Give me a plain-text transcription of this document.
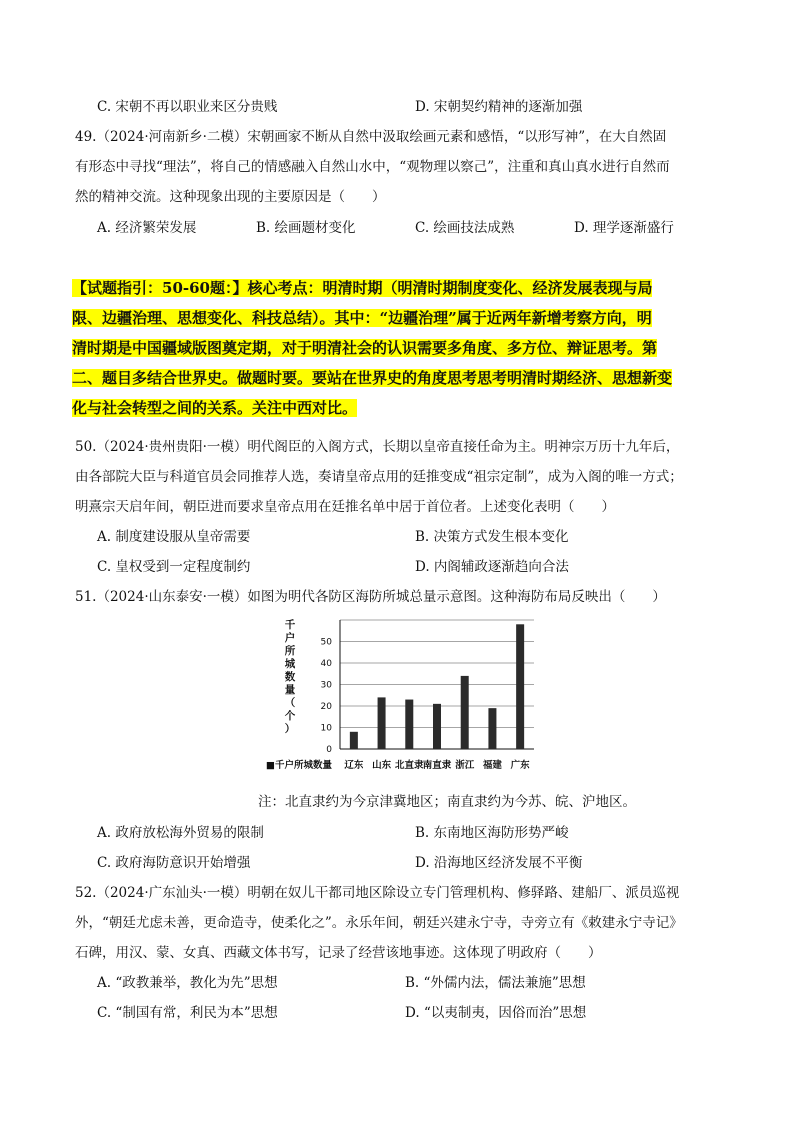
C. 宋朝不再以职业来区分贵贱	D. 宋朝契约精神的逐渐加强
49.（2024·河南新乡·二模）宋朝画家不断从自然中汲取绘画元素和感悟，“以形写神”，在大自然固
有形态中寻找“理法”，将自己的情感融入自然山水中，“观物理以察己”，注重和真山真水进行自然而
然的精神交流。这种现象出现的主要原因是（　　）
A. 经济繁荣发展	B. 绘画题材变化	C. 绘画技法成熟	D. 理学逐渐盛行
【试题指引：50-60题：】核心考点：明清时期（明清时期制度变化、经济发展表现与局
限、边疆治理、思想变化、科技总结）。其中：“边疆治理”属于近两年新增考察方向，明
清时期是中国疆域版图奠定期，对于明清社会的认识需要多角度、多方位、辩证思考。第
二、题目多结合世界史。做题时要。要站在世界史的角度思考思考明清时期经济、思想新变
化与社会转型之间的关系。关注中西对比。
50.（2024·贵州贵阳·一模）明代阁臣的入阁方式，长期以皇帝直接任命为主。明神宗万历十九年后，
由各部院大臣与科道官员会同推荐人选，奏请皇帝点用的廷推变成“祖宗定制”，成为入阁的唯一方式；
明熹宗天启年间，朝臣进而要求皇帝点用在廷推名单中居于首位者。上述变化表明（　　）
A. 制度建设服从皇帝需要	B. 决策方式发生根本变化
C. 皇权受到一定程度制约	D. 内阁辅政逐渐趋向合法
51.（2024·山东泰安·一模）如图为明代各防区海防所城总量示意图。这种海防布局反映出（　　）
0
10
20
30
40
50
千
户
所
城
数
量
（
个
）
■千户所城数量 辽东 山东 北直隶 南直隶 浙江 福建 广东
注：北直隶约为今京津冀地区；南直隶约为今苏、皖、沪地区。
A. 政府放松海外贸易的限制	B. 东南地区海防形势严峻
C. 政府海防意识开始增强	D. 沿海地区经济发展不平衡
52.（2024·广东汕头·一模）明朝在奴儿干都司地区除设立专门管理机构、修驿路、建船厂、派员巡视
外，“朝廷尤虑未善，更命造寺，使柔化之”。永乐年间，朝廷兴建永宁寺，寺旁立有《敕建永宁寺记》
石碑，用汉、蒙、女真、西藏文体书写，记录了经营该地事迹。这体现了明政府（　　）
A. “政教兼举，教化为先”思想	B. “外儒内法，儒法兼施”思想
C. “制国有常，利民为本”思想	D. “以夷制夷，因俗而治”思想
